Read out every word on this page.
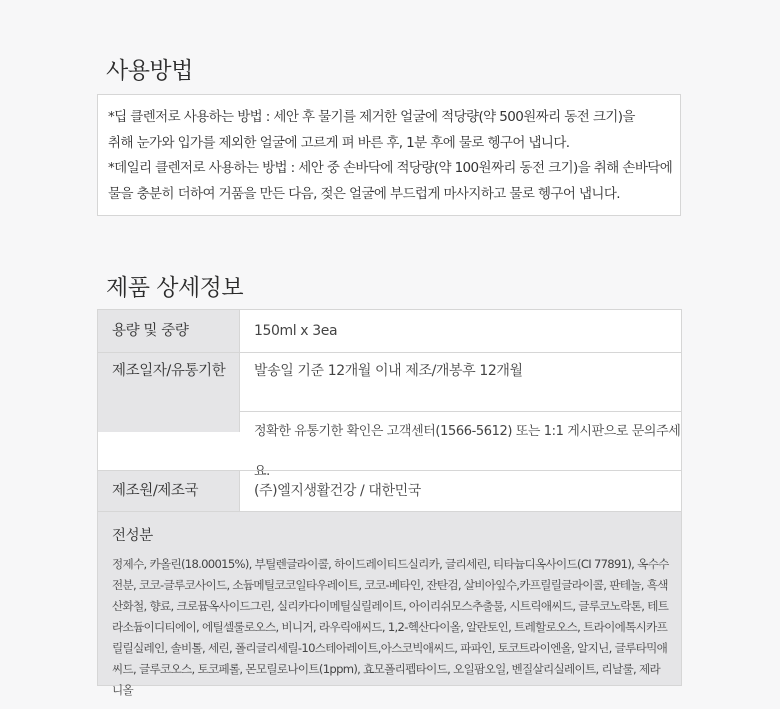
사용방법

*딥 클렌저로 사용하는 방법 : 세안 후 물기를 제거한 얼굴에 적당량(약 500원짜리 동전 크기)을

취해 눈가와 입가를 제외한 얼굴에 고르게 펴 바른 후, 1분 후에 물로 헹구어 냅니다.

*데일리 클렌저로 사용하는 방법 : 세안 중 손바닥에 적당량(약 100원짜리 동전 크기)을 취해 손바닥에

물을 충분히 더하여 거품을 만든 다음, 젖은 얼굴에 부드럽게 마사지하고 물로 헹구어 냅니다.

제품 상세정보
용량 및 중량	150ml x 3ea
제조일자/유통기한	발송일 기준 12개월 이내 제조/개봉후 12개월
정확한 유통기한 확인은 고객센터(1566-5612) 또는 1:1 게시판으로 문의주세요.
제조원/제조국	(주)엘지생활건강 / 대한민국

전성분

정제수, 카올린(18.00015%), 부틸렌글라이콜, 하이드레이티드실리카, 글리세린, 티타늄디옥사이드(CI 77891), 옥수수전분, 코코-글루코사이드, 소듐메틸코코일타우레이트, 코코-베타인, 잔탄검, 살비아잎수,카프릴릴글라이콜, 판테놀, 흑색산화철, 향료, 크로뮴옥사이드그린, 실리카다이메틸실릴레이트, 아이리쉬모스추출물, 시트릭애씨드, 글루코노락톤, 테트라소듐이디티에이, 에틸셀룰로오스, 비니거, 라우릭애씨드, 1,2-헥산다이올, 알란토인, 트레할로오스, 트라이에톡시카프릴릴실레인, 솔비톨, 세린, 폴리글리세릴-10스테아레이트,아스코빅애씨드, 파파인, 토코트라이엔올, 알지닌, 글루타믹애씨드, 글루코오스, 토코페롤, 몬모릴로나이트(1ppm), 효모폴리펩타이드, 오일팜오일, 벤질살리실레이트, 리날룰, 제라니올
